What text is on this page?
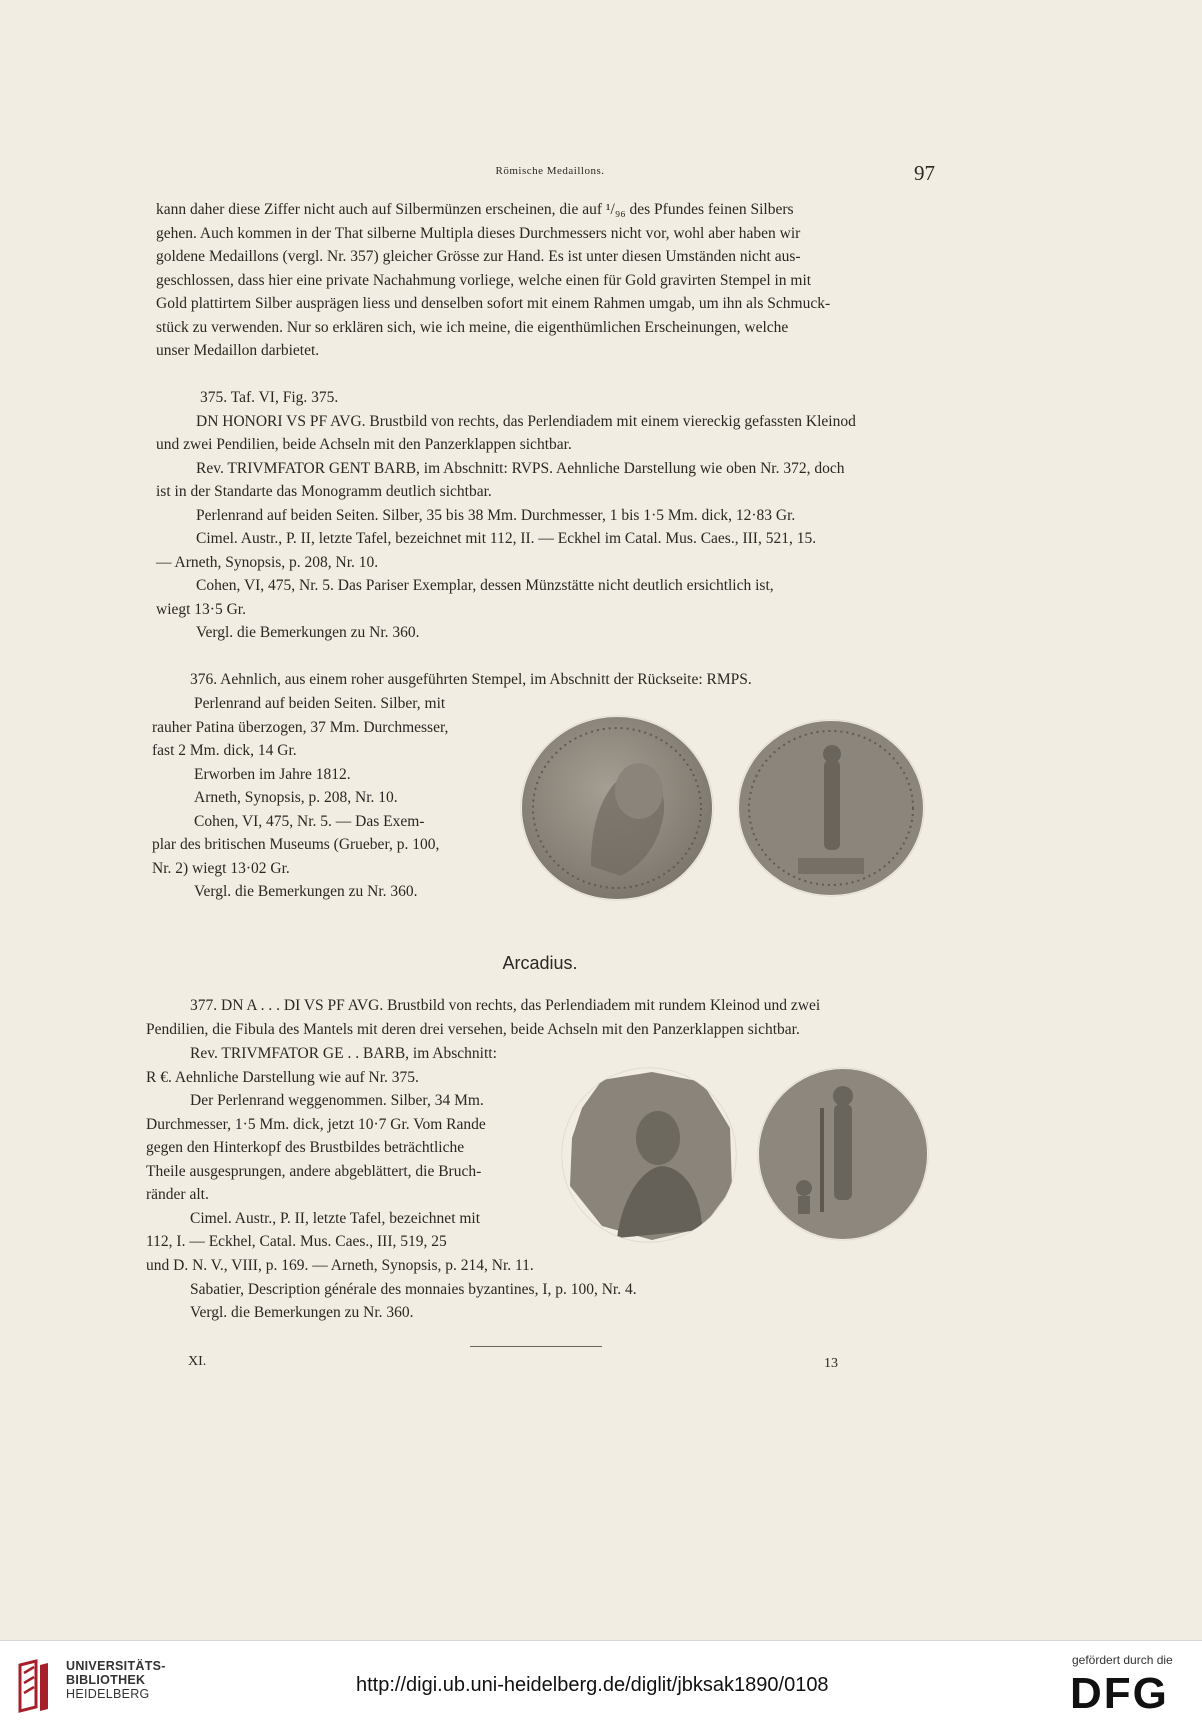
Römische Medaillons.	97
kann daher diese Ziffer nicht auch auf Silbermünzen erscheinen, die auf ¹/₉₆ des Pfundes feinen Silbers
gehen. Auch kommen in der That silberne Multipla dieses Durchmessers nicht vor, wohl aber haben wir
goldene Medaillons (vergl. Nr. 357) gleicher Grösse zur Hand. Es ist unter diesen Umständen nicht aus-
geschlossen, dass hier eine private Nachahmung vorliege, welche einen für Gold gravirten Stempel in mit
Gold plattirtem Silber ausprägen liess und denselben sofort mit einem Rahmen umgab, um ihn als Schmuck-
stück zu verwenden. Nur so erklären sich, wie ich meine, die eigenthümlichen Erscheinungen, welche
unser Medaillon darbietet.
375. Taf. VI, Fig. 375.
DN HONORI VS PF AVG. Brustbild von rechts, das Perlendiadem mit einem viereckig gefassten Kleinod
und zwei Pendilien, beide Achseln mit den Panzerklappen sichtbar.
Rev. TRIVMFATOR GENT BARB, im Abschnitt: RVPS. Aehnliche Darstellung wie oben Nr. 372, doch
ist in der Standarte das Monogramm deutlich sichtbar.
Perlenrand auf beiden Seiten. Silber, 35 bis 38 Mm. Durchmesser, 1 bis 1·5 Mm. dick, 12·83 Gr.
Cimel. Austr., P. II, letzte Tafel, bezeichnet mit 112, II. — Eckhel im Catal. Mus. Caes., III, 521, 15.
— Arneth, Synopsis, p. 208, Nr. 10.
Cohen, VI, 475, Nr. 5. Das Pariser Exemplar, dessen Münzstätte nicht deutlich ersichtlich ist,
wiegt 13·5 Gr.
Vergl. die Bemerkungen zu Nr. 360.
376. Aehnlich, aus einem roher ausgeführten Stempel, im Abschnitt der Rückseite: RMPS.
Perlenrand auf beiden Seiten. Silber, mit
rauher Patina überzogen, 37 Mm. Durchmesser,
fast 2 Mm. dick, 14 Gr.
Erworben im Jahre 1812.
Arneth, Synopsis, p. 208, Nr. 10.
Cohen, VI, 475, Nr. 5. — Das Exem-
plar des britischen Museums (Grueber, p. 100,
Nr. 2) wiegt 13·02 Gr.
Vergl. die Bemerkungen zu Nr. 360.
Arcadius.
377. DN A . . . DI VS PF AVG. Brustbild von rechts, das Perlendiadem mit rundem Kleinod und zwei
Pendilien, die Fibula des Mantels mit deren drei versehen, beide Achseln mit den Panzerklappen sichtbar.
Rev. TRIVMFATOR GE . . BARB, im Abschnitt:
R €. Aehnliche Darstellung wie auf Nr. 375.
Der Perlenrand weggenommen. Silber, 34 Mm.
Durchmesser, 1·5 Mm. dick, jetzt 10·7 Gr. Vom Rande
gegen den Hinterkopf des Brustbildes beträchtliche
Theile ausgesprungen, andere abgeblättert, die Bruch-
ränder alt.
Cimel. Austr., P. II, letzte Tafel, bezeichnet mit
112, I. — Eckhel, Catal. Mus. Caes., III, 519, 25
und D. N. V., VIII, p. 169. — Arneth, Synopsis, p. 214, Nr. 11.
Sabatier, Description générale des monnaies byzantines, I, p. 100, Nr. 4.
Vergl. die Bemerkungen zu Nr. 360.
XI.	13
UNIVERSITÄTS-
BIBLIOTHEK
HEIDELBERG	http://digi.ub.uni-heidelberg.de/diglit/jbksak1890/0108
gefördert durch die
DFG
